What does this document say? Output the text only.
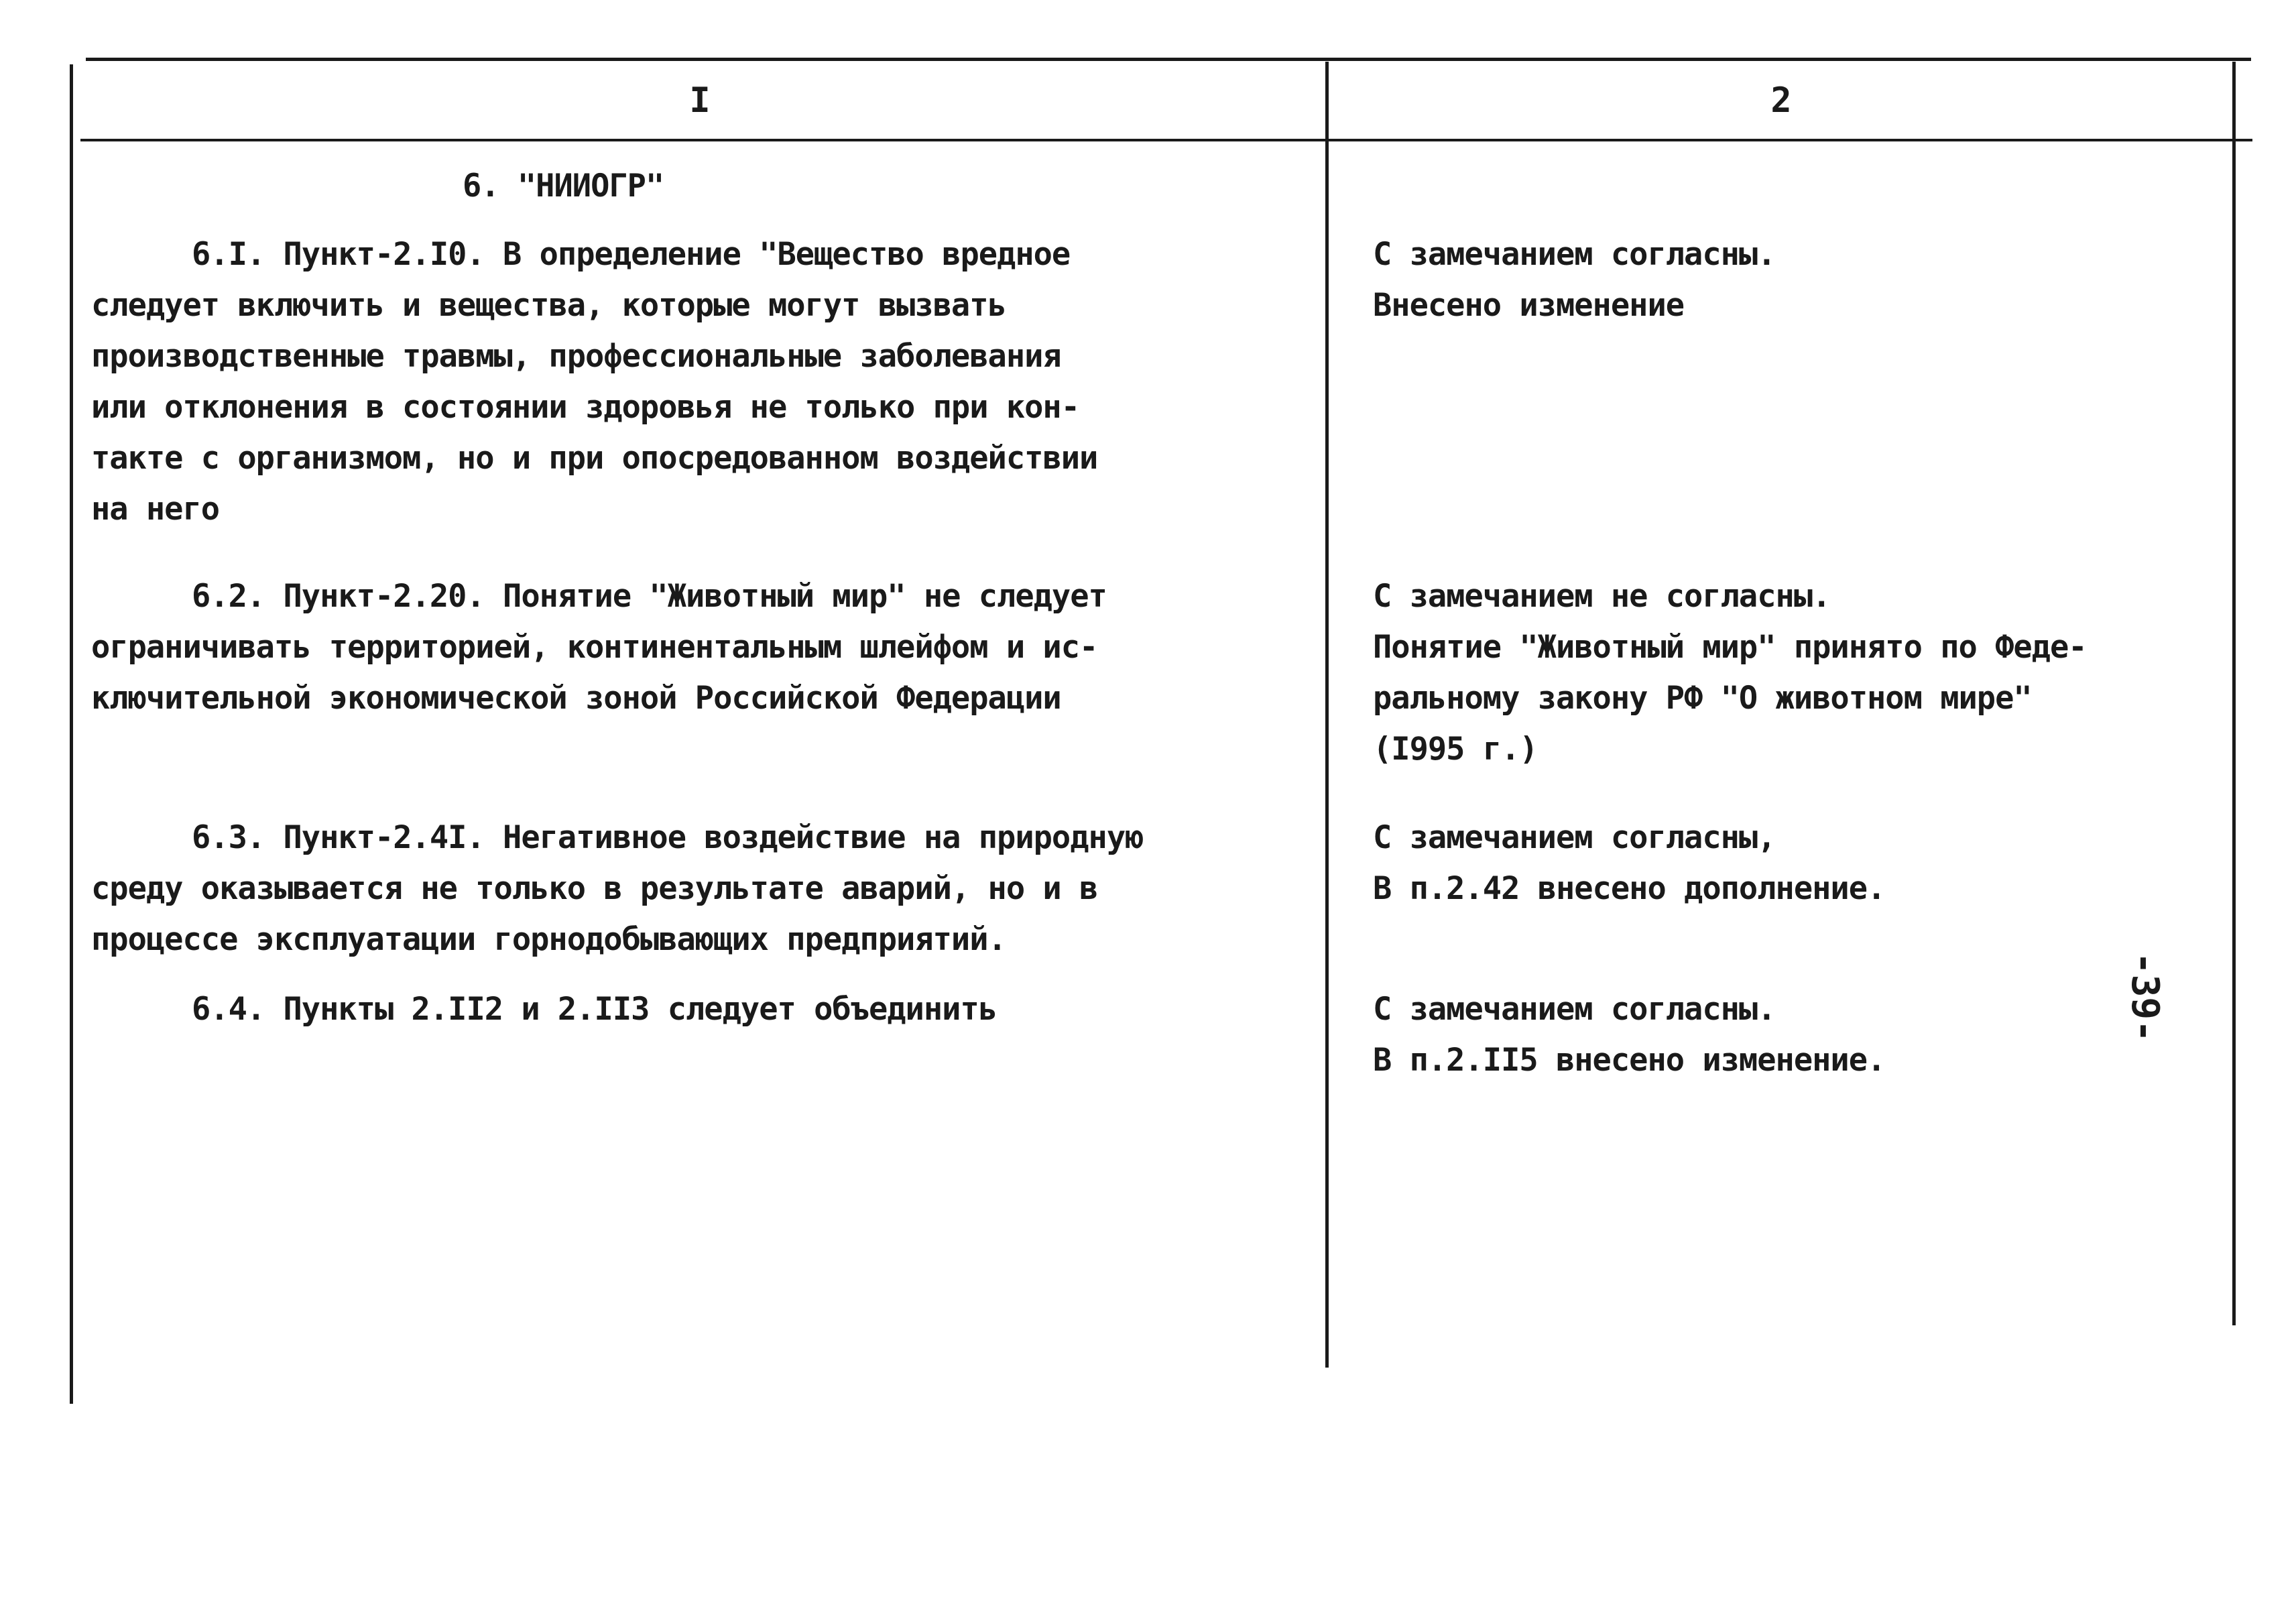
I	2
6. "НИИОГР"
6.I. Пункт-2.I0. В определение "Вещество вредное
следует включить и вещества, которые могут вызвать
производственные травмы, профессиональные заболевания
или отклонения в состоянии здоровья не только при кон-
такте с организмом, но и при опосредованном воздействии
на него
С замечанием согласны.
Внесено изменение
6.2. Пункт-2.20. Понятие "Животный мир" не следует
ограничивать территорией, континентальным шлейфом и ис-
ключительной экономической зоной Российской Федерации
С замечанием не согласны.
Понятие "Животный мир" принято по Феде-
ральному закону РФ "О животном мире"
(I995 г.)
6.3. Пункт-2.4I. Негативное воздействие на природную
среду оказывается не только в результате аварий, но и в
процессе эксплуатации горнодобывающих предприятий.
С замечанием согласны,
В п.2.42 внесено дополнение.
6.4. Пункты 2.II2 и 2.II3 следует объединить	С замечанием согласны.
В п.2.II5 внесено изменение.
-39-
